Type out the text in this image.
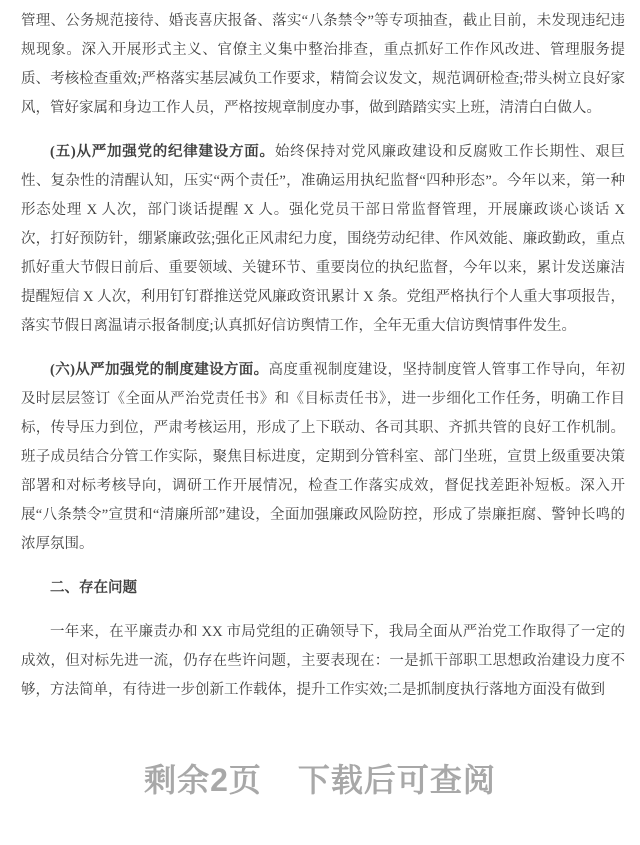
管理、公务规范接待、婚丧喜庆报备、落实“八条禁令”等专项抽查，截止目前，未发现违纪违规现象。深入开展形式主义、官僚主义集中整治排查，重点抓好工作作风改进、管理服务提质、考核检查重效;严格落实基层减负工作要求，精简会议发文，规范调研检查;带头树立良好家风，管好家属和身边工作人员，严格按规章制度办事，做到踏踏实实上班，清清白白做人。

(五)从严加强党的纪律建设方面。始终保持对党风廉政建设和反腐败工作长期性、艰巨性、复杂性的清醒认知，压实“两个责任”，准确运用执纪监督“四种形态”。今年以来，第一种形态处理 X 人次，部门谈话提醒 X 人。强化党员干部日常监督管理，开展廉政谈心谈话 X 次，打好预防针，绷紧廉政弦;强化正风肃纪力度，围绕劳动纪律、作风效能、廉政勤政，重点抓好重大节假日前后、重要领域、关键环节、重要岗位的执纪监督，今年以来，累计发送廉洁提醒短信 X 人次，利用钉钉群推送党风廉政资讯累计 X 条。党组严格执行个人重大事项报告，落实节假日离温请示报备制度;认真抓好信访舆情工作，全年无重大信访舆情事件发生。

(六)从严加强党的制度建设方面。高度重视制度建设，坚持制度管人管事工作导向，年初及时层层签订《全面从严治党责任书》和《目标责任书》，进一步细化工作任务，明确工作目标，传导压力到位，严肃考核运用，形成了上下联动、各司其职、齐抓共管的良好工作机制。班子成员结合分管工作实际，聚焦目标进度，定期到分管科室、部门坐班，宣贯上级重要决策部署和对标考核导向，调研工作开展情况，检查工作落实成效，督促找差距补短板。深入开展“八条禁令”宣贯和“清廉所部”建设，全面加强廉政风险防控，形成了崇廉拒腐、警钟长鸣的浓厚氛围。

二、存在问题

一年来，在平廉责办和 XX 市局党组的正确领导下，我局全面从严治党工作取得了一定的成效，但对标先进一流，仍存在些许问题，主要表现在：一是抓干部职工思想政治建设力度不够，方法简单，有待进一步创新工作载体，提升工作实效;二是抓制度执行落地方面没有做到

剩余2页 下载后可查阅
